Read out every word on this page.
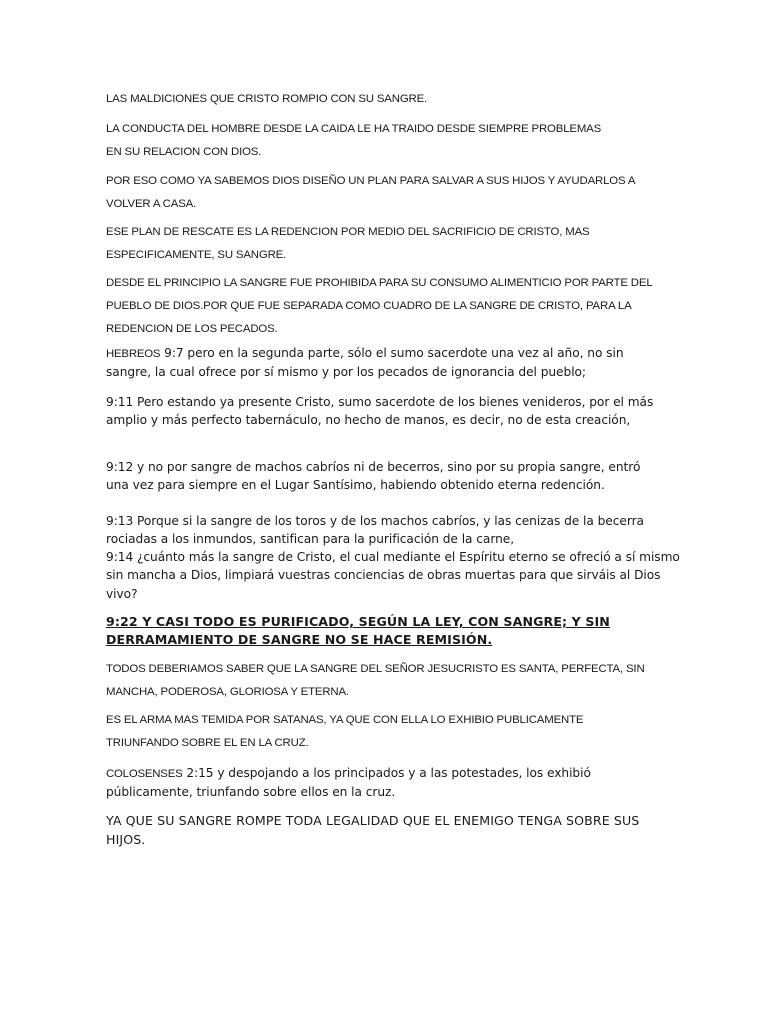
LAS MALDICIONES QUE CRISTO ROMPIO CON SU SANGRE.

LA CONDUCTA DEL HOMBRE DESDE LA CAIDA LE HA TRAIDO DESDE SIEMPRE PROBLEMAS EN SU RELACION CON DIOS.

POR ESO COMO YA SABEMOS DIOS DISEÑO UN PLAN PARA SALVAR A SUS HIJOS Y AYUDARLOS A VOLVER A CASA.

ESE PLAN DE RESCATE ES LA REDENCION POR MEDIO DEL SACRIFICIO DE CRISTO, MAS ESPECIFICAMENTE, SU SANGRE.

DESDE EL PRINCIPIO LA SANGRE FUE PROHIBIDA PARA SU CONSUMO ALIMENTICIO POR PARTE DEL PUEBLO DE DIOS.POR QUE FUE SEPARADA COMO CUADRO DE LA SANGRE DE CRISTO, PARA LA REDENCION DE LOS PECADOS.

HEBREOS 9:7 pero en la segunda parte, sólo el sumo sacerdote una vez al año, no sin sangre, la cual ofrece por sí mismo y por los pecados de ignorancia del pueblo;

9:11 Pero estando ya presente Cristo, sumo sacerdote de los bienes venideros, por el más amplio y más perfecto tabernáculo, no hecho de manos, es decir, no de esta creación,

9:12 y no por sangre de machos cabríos ni de becerros, sino por su propia sangre, entró una vez para siempre en el Lugar Santísimo, habiendo obtenido eterna redención.

9:13 Porque si la sangre de los toros y de los machos cabríos, y las cenizas de la becerra rociadas a los inmundos, santifican para la purificación de la carne,

9:14 ¿cuánto más la sangre de Cristo, el cual mediante el Espíritu eterno se ofreció a sí mismo sin mancha a Dios, limpiará vuestras conciencias de obras muertas para que sirváis al Dios vivo?

9:22 Y CASI TODO ES PURIFICADO, SEGÚN LA LEY, CON SANGRE; Y SIN DERRAMAMIENTO DE SANGRE NO SE HACE REMISIÓN.

TODOS DEBERIAMOS SABER QUE LA SANGRE DEL SEÑOR JESUCRISTO ES SANTA, PERFECTA, SIN MANCHA, PODEROSA, GLORIOSA Y ETERNA.

ES EL ARMA MAS TEMIDA POR SATANAS, YA QUE CON ELLA LO EXHIBIO PUBLICAMENTE TRIUNFANDO SOBRE EL EN LA CRUZ.

COLOSENSES 2:15 y despojando a los principados y a las potestades, los exhibió públicamente, triunfando sobre ellos en la cruz.

YA QUE SU SANGRE ROMPE TODA LEGALIDAD QUE EL ENEMIGO TENGA SOBRE SUS HIJOS.
